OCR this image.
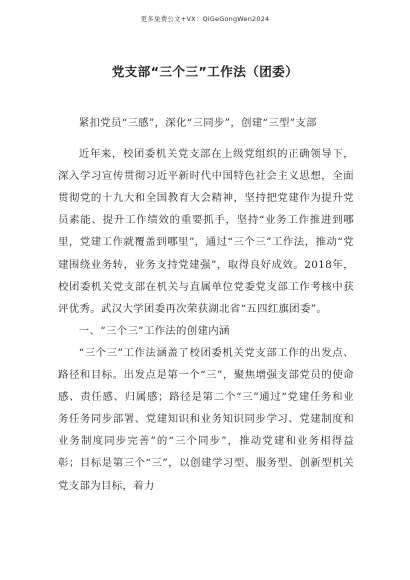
更多免费公文+VX：QiGeGongWen2024
党支部“三个三”工作法（团委）

紧扣党员“三感”，深化“三同步”，创建“三型”支部

近年来，校团委机关党支部在上级党组织的正确领导下，深入学习宣传贯彻习近平新时代中国特色社会主义思想，全面贯彻党的十九大和全国教育大会精神，坚持把党建作为提升党员素能、提升工作绩效的重要抓手，坚持“业务工作推进到哪里，党建工作就覆盖到哪里”，通过“三个三”工作法，推动“党建围绕业务转，业务支持党建强”，取得良好成效。2018年，校团委机关党支部在机关与直属单位党委党支部工作考核中获评优秀。武汉大学团委再次荣获湖北省“五四红旗团委”。

一、“三个三”工作法的创建内涵

“三个三”工作法涵盖了校团委机关党支部工作的出发点、路径和目标。出发点是第一个“三”，聚焦增强支部党员的使命感、责任感、归属感；路径是第二个“三”通过“党建任务和业务任务同步部署、党建知识和业务知识同步学习、党建制度和业务制度同步完善”的“三个同步”，推动党建和业务相得益彰；目标是第三个“三”，以创建学习型、服务型、创新型机关党支部为目标，着力
